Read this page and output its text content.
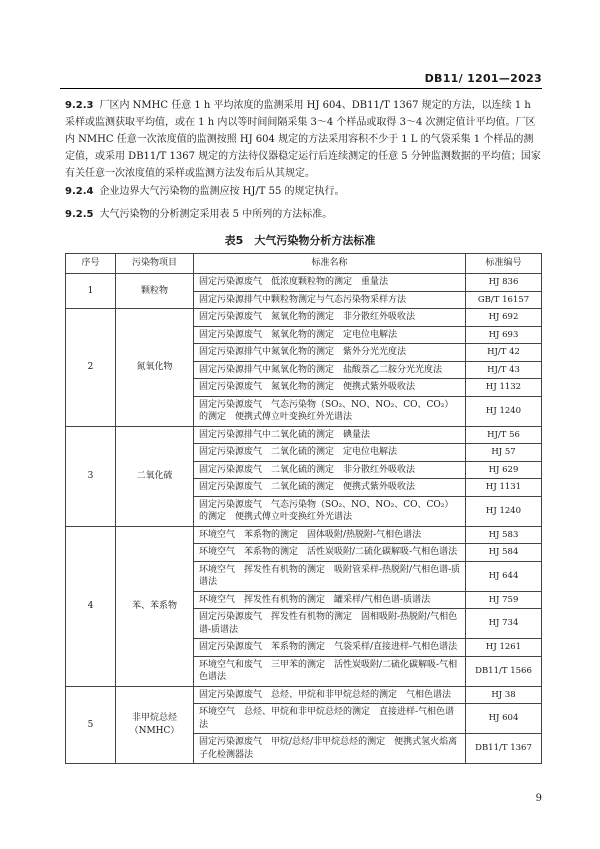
DB11/ 1201—2023

9.2.3 厂区内 NMHC 任意 1 h 平均浓度的监测采用 HJ 604、DB11/T 1367 规定的方法，以连续 1 h 采样或监测获取平均值，或在 1 h 内以等时间间隔采集 3～4 个样品或取得 3～4 次测定值计平均值。厂区内 NMHC 任意一次浓度值的监测按照 HJ 604 规定的方法采用容积不少于 1 L 的气袋采集 1 个样品的测定值，或采用 DB11/T 1367 规定的方法待仪器稳定运行后连续测定的任意 5 分钟监测数据的平均值；国家有关任意一次浓度值的采样或监测方法发布后从其规定。

9.2.4 企业边界大气污染物的监测应按 HJ/T 55 的规定执行。

9.2.5 大气污染物的分析测定采用表 5 中所列的方法标准。

表5　大气污染物分析方法标准
序号	污染物项目	标准名称	标准编号
1	颗粒物	固定污染源废气　低浓度颗粒物的测定　重量法	HJ 836
		固定污染源排气中颗粒物测定与气态污染物采样方法	GB/T 16157
2	氮氧化物	固定污染源废气　氮氧化物的测定　非分散红外吸收法	HJ 692
		固定污染源废气　氮氧化物的测定　定电位电解法	HJ 693
		固定污染源排气中氮氧化物的测定　紫外分光光度法	HJ/T 42
		固定污染源排气中氮氧化物的测定　盐酸萘乙二胺分光光度法	HJ/T 43
		固定污染源废气　氮氧化物的测定　便携式紫外吸收法	HJ 1132
		固定污染源废气　气态污染物（SO₂、NO、NO₂、CO、CO₂）的测定　便携式傅立叶变换红外光谱法	HJ 1240
3	二氧化硫	固定污染源排气中二氧化硫的测定　碘量法	HJ/T 56
		固定污染源废气　二氧化硫的测定　定电位电解法	HJ 57
		固定污染源废气　二氧化硫的测定　非分散红外吸收法	HJ 629
		固定污染源废气　二氧化硫的测定　便携式紫外吸收法	HJ 1131
		固定污染源废气　气态污染物（SO₂、NO、NO₂、CO、CO₂）的测定　便携式傅立叶变换红外光谱法	HJ 1240
4	苯、苯系物	环境空气　苯系物的测定　固体吸附/热脱附-气相色谱法	HJ 583
		环境空气　苯系物的测定　活性炭吸附/二硫化碳解吸-气相色谱法	HJ 584
		环境空气　挥发性有机物的测定　吸附管采样-热脱附/气相色谱-质谱法	HJ 644
		环境空气　挥发性有机物的测定　罐采样/气相色谱-质谱法	HJ 759
		固定污染源废气　挥发性有机物的测定　固相吸附-热脱附/气相色谱-质谱法	HJ 734
		固定污染源废气　苯系物的测定　气袋采样/直接进样-气相色谱法	HJ 1261
		环境空气和废气　三甲苯的测定　活性炭吸附/二硫化碳解吸-气相色谱法	DB11/T 1566
5	非甲烷总烃（NMHC）	固定污染源废气　总烃、甲烷和非甲烷总烃的测定　气相色谱法	HJ 38
		环境空气　总烃、甲烷和非甲烷总烃的测定　直接进样-气相色谱法	HJ 604
		固定污染源废气　甲烷/总烃/非甲烷总烃的测定　便携式氢火焰离子化检测器法	DB11/T 1367
9
